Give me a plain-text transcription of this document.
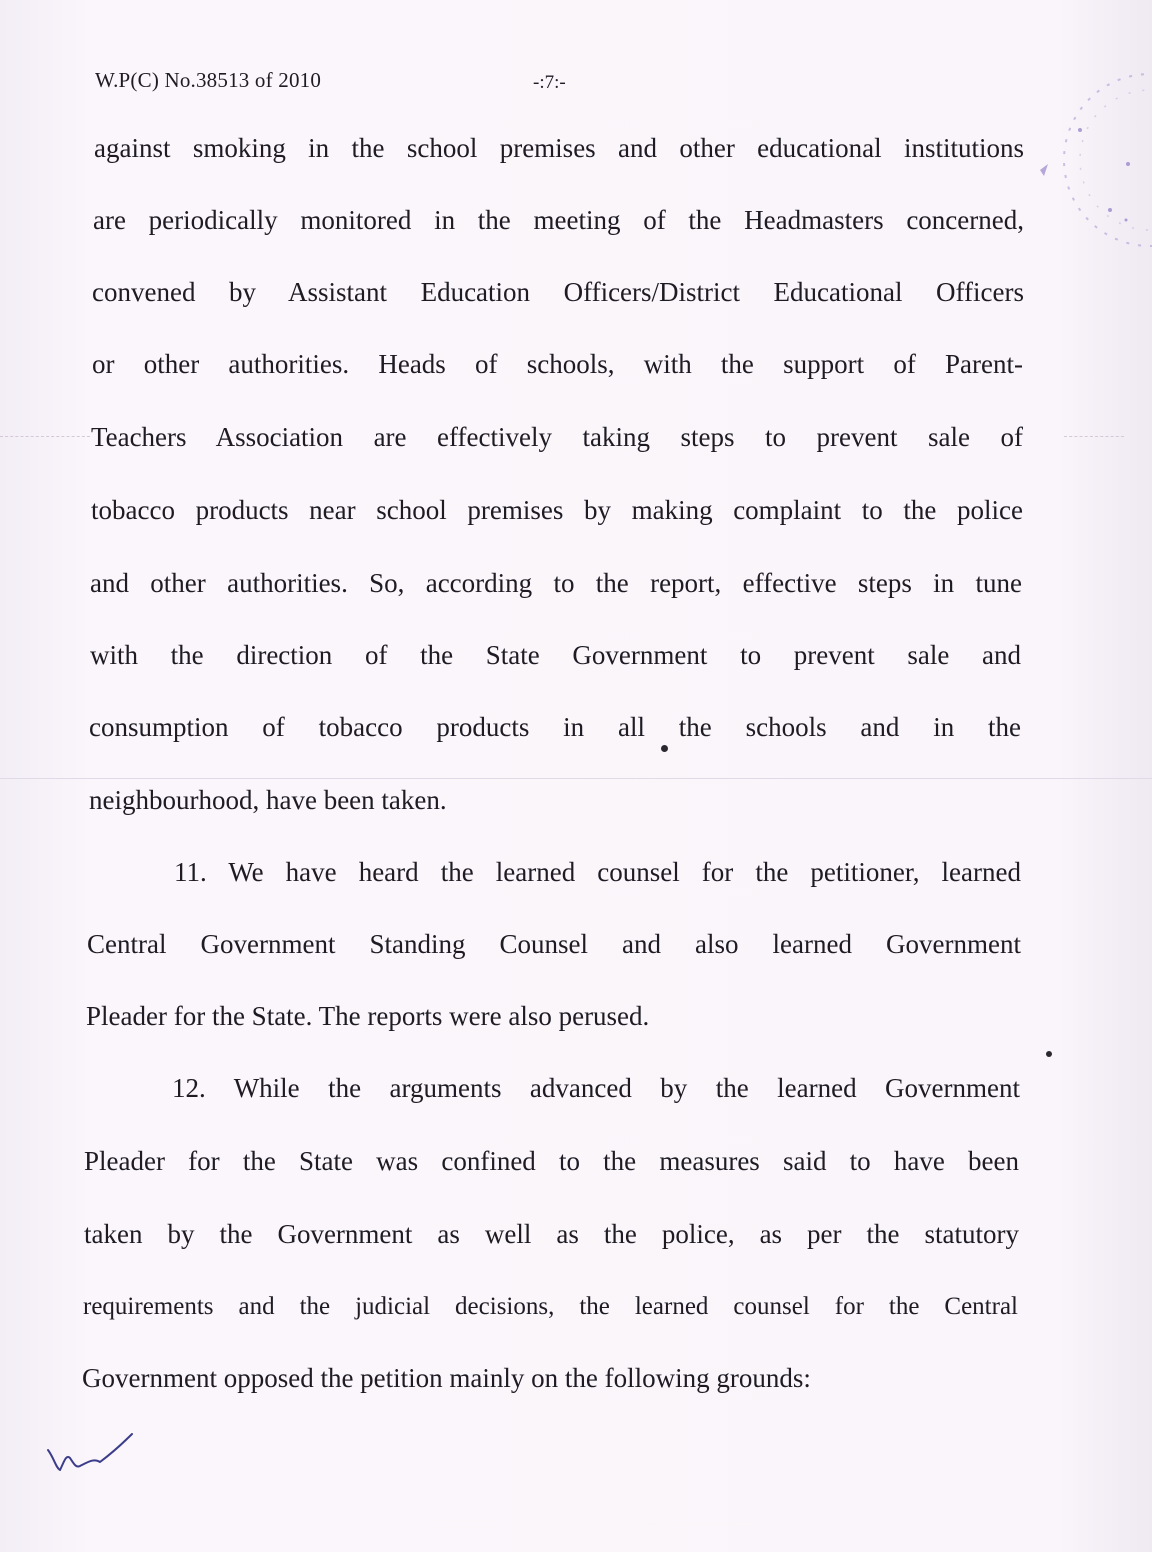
W.P(C) No.38513 of 2010	-:7:-
against smoking in the school premises and other educational institutions
are periodically monitored in the meeting of the Headmasters concerned,
convened by Assistant Education Officers/District Educational Officers
or other authorities. Heads of schools, with the support of Parent-
Teachers Association are effectively taking steps to prevent sale of
tobacco products near school premises by making complaint to the police
and other authorities. So, according to the report, effective steps in tune
with the direction of the State Government to prevent sale and
consumption of tobacco products in all the schools and in the
neighbourhood, have been taken.
11. We have heard the learned counsel for the petitioner, learned
Central Government Standing Counsel and also learned Government
Pleader for the State. The reports were also perused.
12. While the arguments advanced by the learned Government
Pleader for the State was confined to the measures said to have been
taken by the Government as well as the police, as per the statutory
requirements and the judicial decisions, the learned counsel for the Central
Government opposed the petition mainly on the following grounds:
